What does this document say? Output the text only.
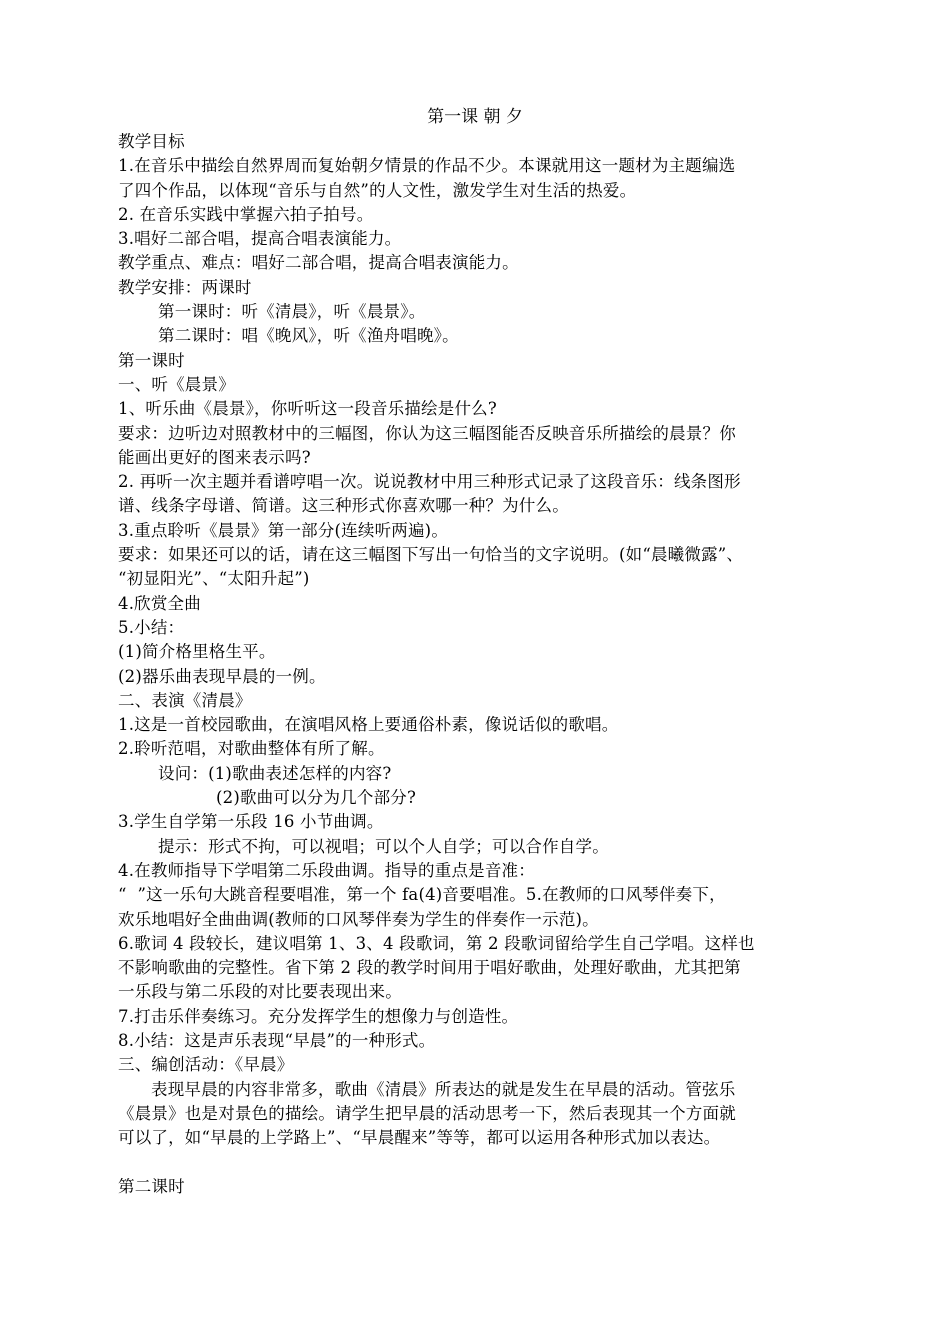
第一课 朝 夕
教学目标
1.在音乐中描绘自然界周而复始朝夕情景的作品不少。本课就用这一题材为主题编选
了四个作品，以体现“音乐与自然”的人文性，激发学生对生活的热爱。
2. 在音乐实践中掌握六拍子拍号。
3.唱好二部合唱，提高合唱表演能力。
教学重点、难点：唱好二部合唱，提高合唱表演能力。
教学安排：两课时
第一课时：听《清晨》，听《晨景》。
第二课时：唱《晚风》，听《渔舟唱晚》。
第一课时
一、听《晨景》
1、听乐曲《晨景》，你听听这一段音乐描绘是什么?
要求：边听边对照教材中的三幅图，你认为这三幅图能否反映音乐所描绘的晨景？你
能画出更好的图来表示吗?
2. 再听一次主题并看谱哼唱一次。说说教材中用三种形式记录了这段音乐：线条图形
谱、线条字母谱、简谱。这三种形式你喜欢哪一种？为什么。
3.重点聆听《晨景》第一部分(连续听两遍)。
要求：如果还可以的话，请在这三幅图下写出一句恰当的文字说明。(如“晨曦微露”、
“初显阳光”、“太阳升起”)
4.欣赏全曲
5.小结：
(1)简介格里格生平。
(2)器乐曲表现早晨的一例。
二、表演《清晨》
1.这是一首校园歌曲，在演唱风格上要通俗朴素，像说话似的歌唱。
2.聆听范唱，对歌曲整体有所了解。
设问：(1)歌曲表述怎样的内容?
(2)歌曲可以分为几个部分?
3.学生自学第一乐段 16 小节曲调。
提示：形式不拘，可以视唱；可以个人自学；可以合作自学。
4.在教师指导下学唱第二乐段曲调。指导的重点是音准：
“  ”这一乐句大跳音程要唱准，第一个 fa(4)音要唱准。5.在教师的口风琴伴奏下，
欢乐地唱好全曲曲调(教师的口风琴伴奏为学生的伴奏作一示范)。
6.歌词 4 段较长，建议唱第 1、3、4 段歌词，第 2 段歌词留给学生自己学唱。这样也
不影响歌曲的完整性。省下第 2 段的教学时间用于唱好歌曲，处理好歌曲，尤其把第
一乐段与第二乐段的对比要表现出来。
7.打击乐伴奏练习。充分发挥学生的想像力与创造性。
8.小结：这是声乐表现“早晨”的一种形式。
三、编创活动：《早晨》
表现早晨的内容非常多，歌曲《清晨》所表达的就是发生在早晨的活动。管弦乐
《晨景》也是对景色的描绘。请学生把早晨的活动思考一下，然后表现其一个方面就
可以了，如“早晨的上学路上”、“早晨醒来”等等，都可以运用各种形式加以表达。
第二课时
